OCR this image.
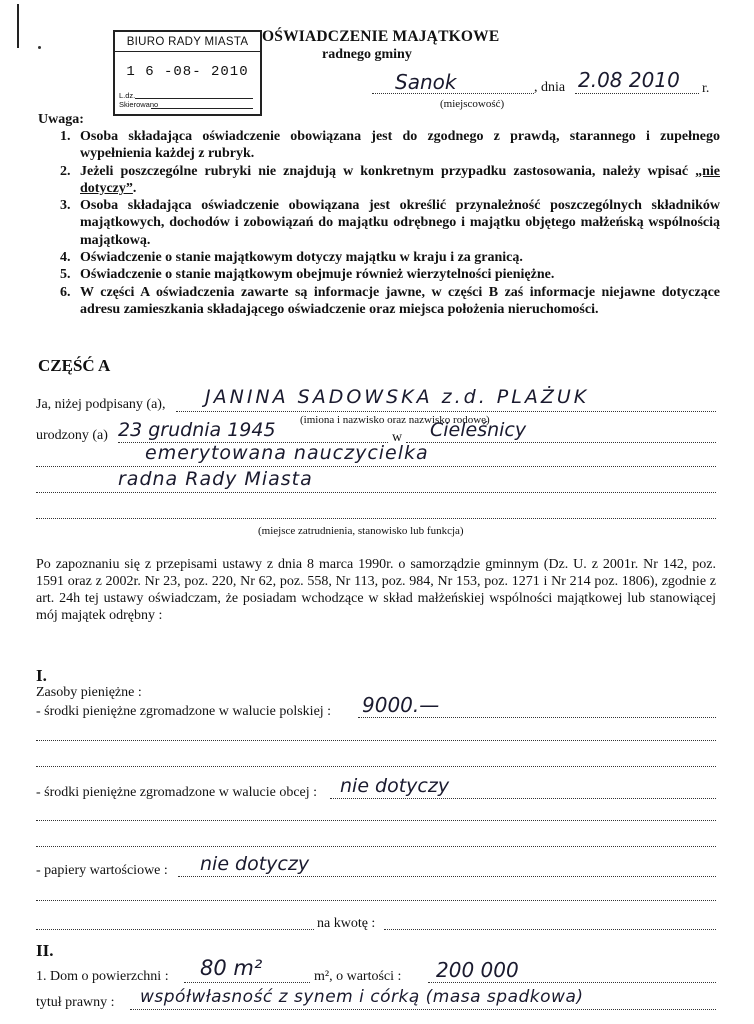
BIURO RADY MIASTA
1 6 -08- 2010
L.dz.
Skierowano
OŚWIADCZENIE MAJĄTKOWE
radnego gminy
Sanok	, dnia 2.08 2010 r.
(miejscowość)
Uwaga:
1. Osoba składająca oświadczenie obowiązana jest do zgodnego z prawdą, starannego i zupełnego wypełnienia każdej z rubryk.
2. Jeżeli poszczególne rubryki nie znajdują w konkretnym przypadku zastosowania, należy wpisać „nie dotyczy”.
3. Osoba składająca oświadczenie obowiązana jest określić przynależność poszczególnych składników majątkowych, dochodów i zobowiązań do majątku odrębnego i majątku objętego małżeńską wspólnością majątkową.
4. Oświadczenie o stanie majątkowym dotyczy majątku w kraju i za granicą.
5. Oświadczenie o stanie majątkowym obejmuje również wierzytelności pieniężne.
6. W części A oświadczenia zawarte są informacje jawne, w części B zaś informacje niejawne dotyczące adresu zamieszkania składającego oświadczenie oraz miejsca położenia nieruchomości.
CZĘŚĆ A
Ja, niżej podpisany (a), JANINA SADOWSKA z.d. PLAŻUK
(imiona i nazwisko oraz nazwisko rodowe)
urodzony (a) 23 grudnia 1945	w Cieleśnicy
emerytowana nauczycielka
radna Rady Miasta
(miejsce zatrudnienia, stanowisko lub funkcja)
Po zapoznaniu się z przepisami ustawy z dnia 8 marca 1990r. o samorządzie gminnym (Dz. U. z 2001r. Nr 142, poz. 1591 oraz z 2002r. Nr 23, poz. 220, Nr 62, poz. 558, Nr 113, poz. 984, Nr 153, poz. 1271 i Nr 214 poz. 1806), zgodnie z art. 24h tej ustawy oświadczam, że posiadam wchodzące w skład małżeńskiej wspólności majątkowej lub stanowiącej mój majątek odrębny :
I.
Zasoby pieniężne :
- środki pieniężne zgromadzone w walucie polskiej : 9000.—
- środki pieniężne zgromadzone w walucie obcej : nie dotyczy
- papiery wartościowe : nie dotyczy
na kwotę :
II.
1. Dom o powierzchni : 80 m²	m², o wartości : 200 000
tytuł prawny : współwłasność z synem i córką (masa spadkowa)
